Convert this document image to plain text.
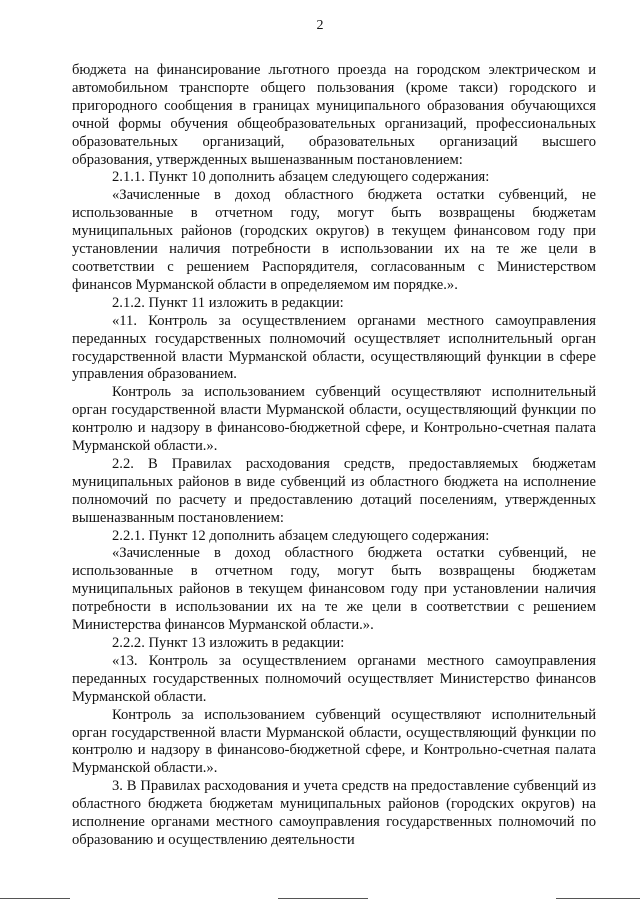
2

бюджета на финансирование льготного проезда на городском электрическом и автомобильном транспорте общего пользования (кроме такси) городского и пригородного сообщения в границах муниципального образования обучающихся очной формы обучения общеобразовательных организаций, профессиональных образовательных организаций, образовательных организаций высшего образования, утвержденных вышеназванным постановлением:

2.1.1. Пункт 10 дополнить абзацем следующего содержания:

«Зачисленные в доход областного бюджета остатки субвенций, не использованные в отчетном году, могут быть возвращены бюджетам муниципальных районов (городских округов) в текущем финансовом году при установлении наличия потребности в использовании их на те же цели в соответствии с решением Распорядителя, согласованным с Министерством финансов Мурманской области в определяемом им порядке.».

2.1.2. Пункт 11 изложить в редакции:

«11. Контроль за осуществлением органами местного самоуправления переданных государственных полномочий осуществляет исполнительный орган государственной власти Мурманской области, осуществляющий функции в сфере управления образованием.

Контроль за использованием субвенций осуществляют исполнительный орган государственной власти Мурманской области, осуществляющий функции по контролю и надзору в финансово-бюджетной сфере, и Контрольно-счетная палата Мурманской области.».

2.2. В Правилах расходования средств, предоставляемых бюджетам муниципальных районов в виде субвенций из областного бюджета на исполнение полномочий по расчету и предоставлению дотаций поселениям, утвержденных вышеназванным постановлением:

2.2.1. Пункт 12 дополнить абзацем следующего содержания:

«Зачисленные в доход областного бюджета остатки субвенций, не использованные в отчетном году, могут быть возвращены бюджетам муниципальных районов в текущем финансовом году при установлении наличия потребности в использовании их на те же цели в соответствии с решением Министерства финансов Мурманской области.».

2.2.2. Пункт 13 изложить в редакции:

«13. Контроль за осуществлением органами местного самоуправления переданных государственных полномочий осуществляет Министерство финансов Мурманской области.

Контроль за использованием субвенций осуществляют исполнительный орган государственной власти Мурманской области, осуществляющий функции по контролю и надзору в финансово-бюджетной сфере, и Контрольно-счетная палата Мурманской области.».

3. В Правилах расходования и учета средств на предоставление субвенций из областного бюджета бюджетам муниципальных районов (городских округов) на исполнение органами местного самоуправления государственных полномочий по образованию и осуществлению деятельности
